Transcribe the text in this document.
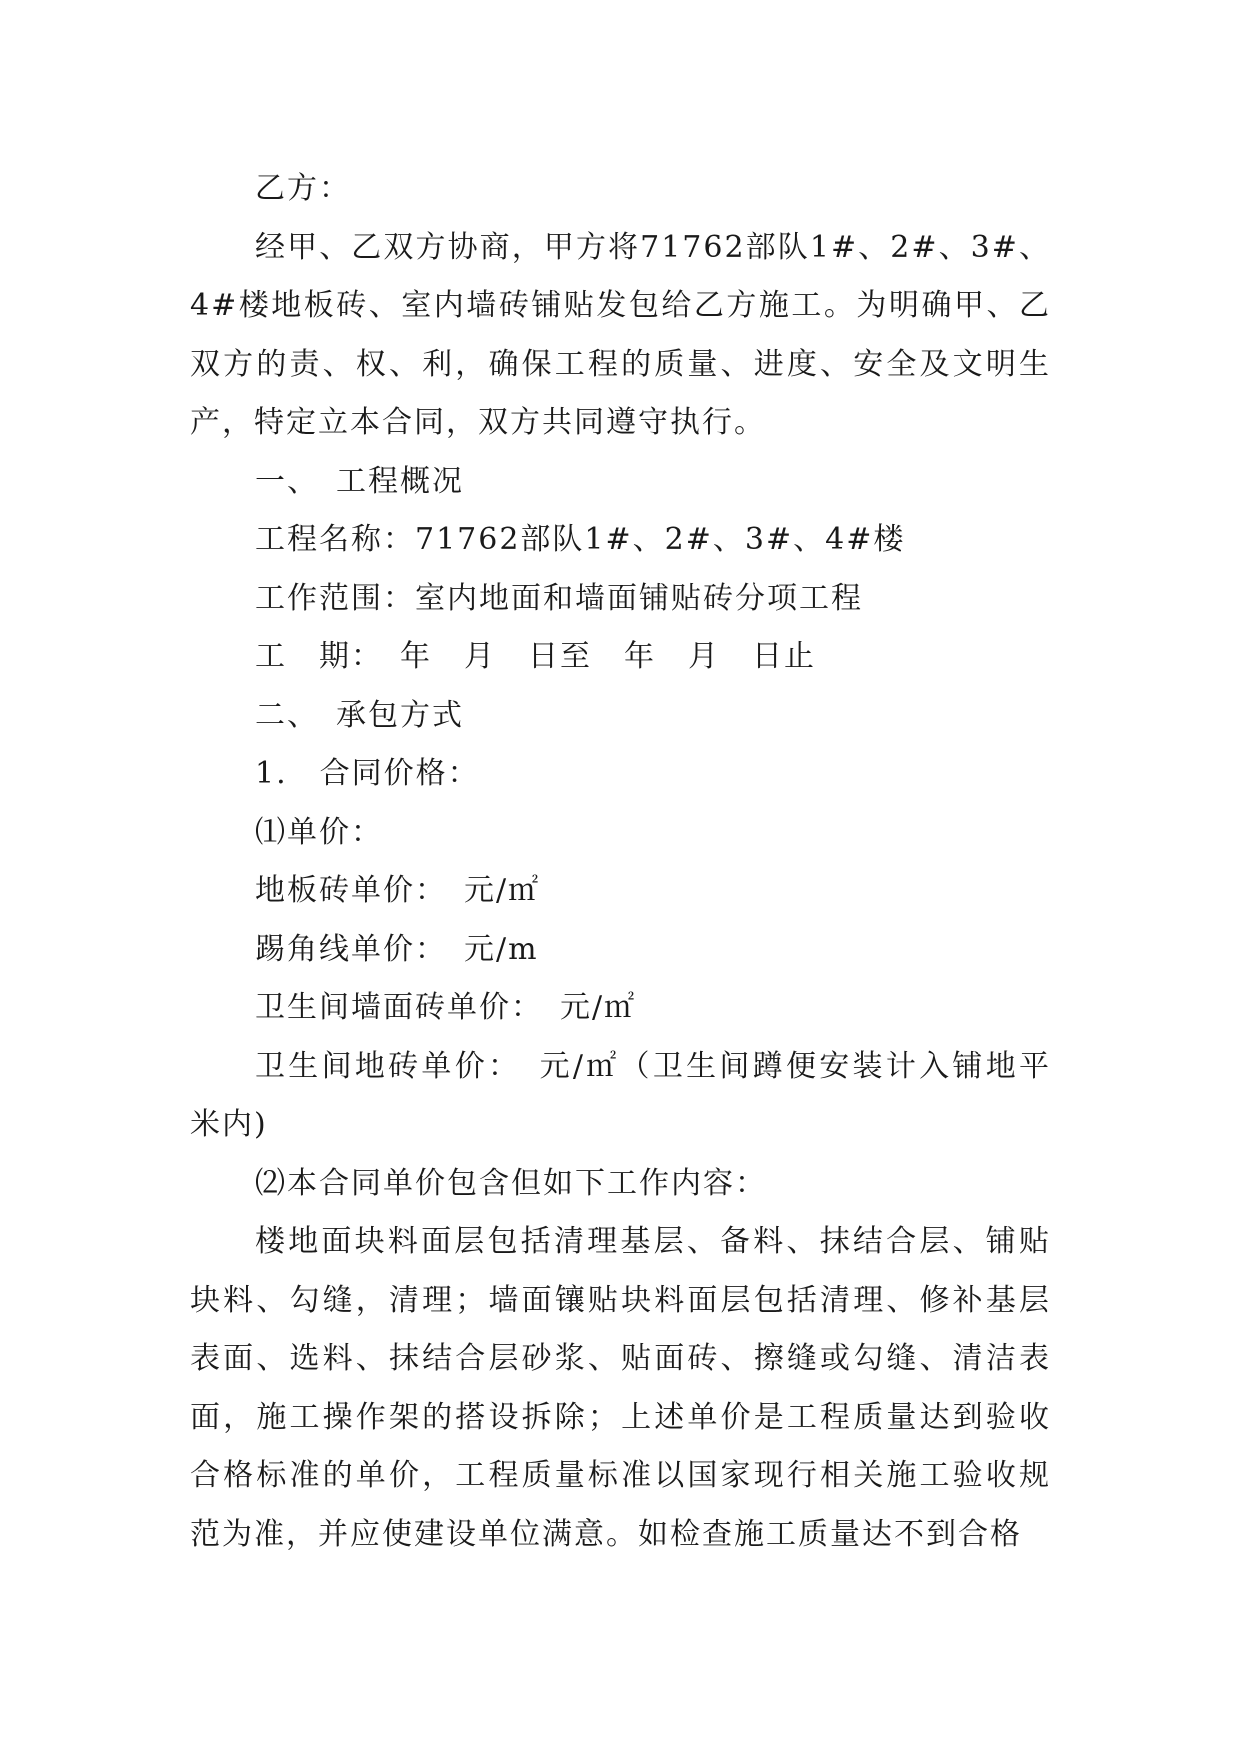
乙方：

经甲、乙双方协商，甲方将71762部队1#、2#、3#、4#楼地板砖、室内墙砖铺贴发包给乙方施工。为明确甲、乙双方的责、权、利，确保工程的质量、进度、安全及文明生产，特定立本合同，双方共同遵守执行。

一、　工程概况

工程名称：71762部队1#、2#、3#、4#楼

工作范围：室内地面和墙面铺贴砖分项工程

工　期：　年　月　日至　年　月　日止

二、　承包方式

1.　合同价格：

⑴单价：

地板砖单价：　元/㎡

踢角线单价：　元/m

卫生间墙面砖单价：　元/㎡

卫生间地砖单价：　元/㎡（卫生间蹲便安装计入铺地平米内)

⑵本合同单价包含但如下工作内容：

楼地面块料面层包括清理基层、备料、抹结合层、铺贴块料、勾缝，清理；墙面镶贴块料面层包括清理、修补基层表面、选料、抹结合层砂浆、贴面砖、擦缝或勾缝、清洁表面，施工操作架的搭设拆除；上述单价是工程质量达到验收合格标准的单价，工程质量标准以国家现行相关施工验收规范为准，并应使建设单位满意。如检查施工质量达不到合格
